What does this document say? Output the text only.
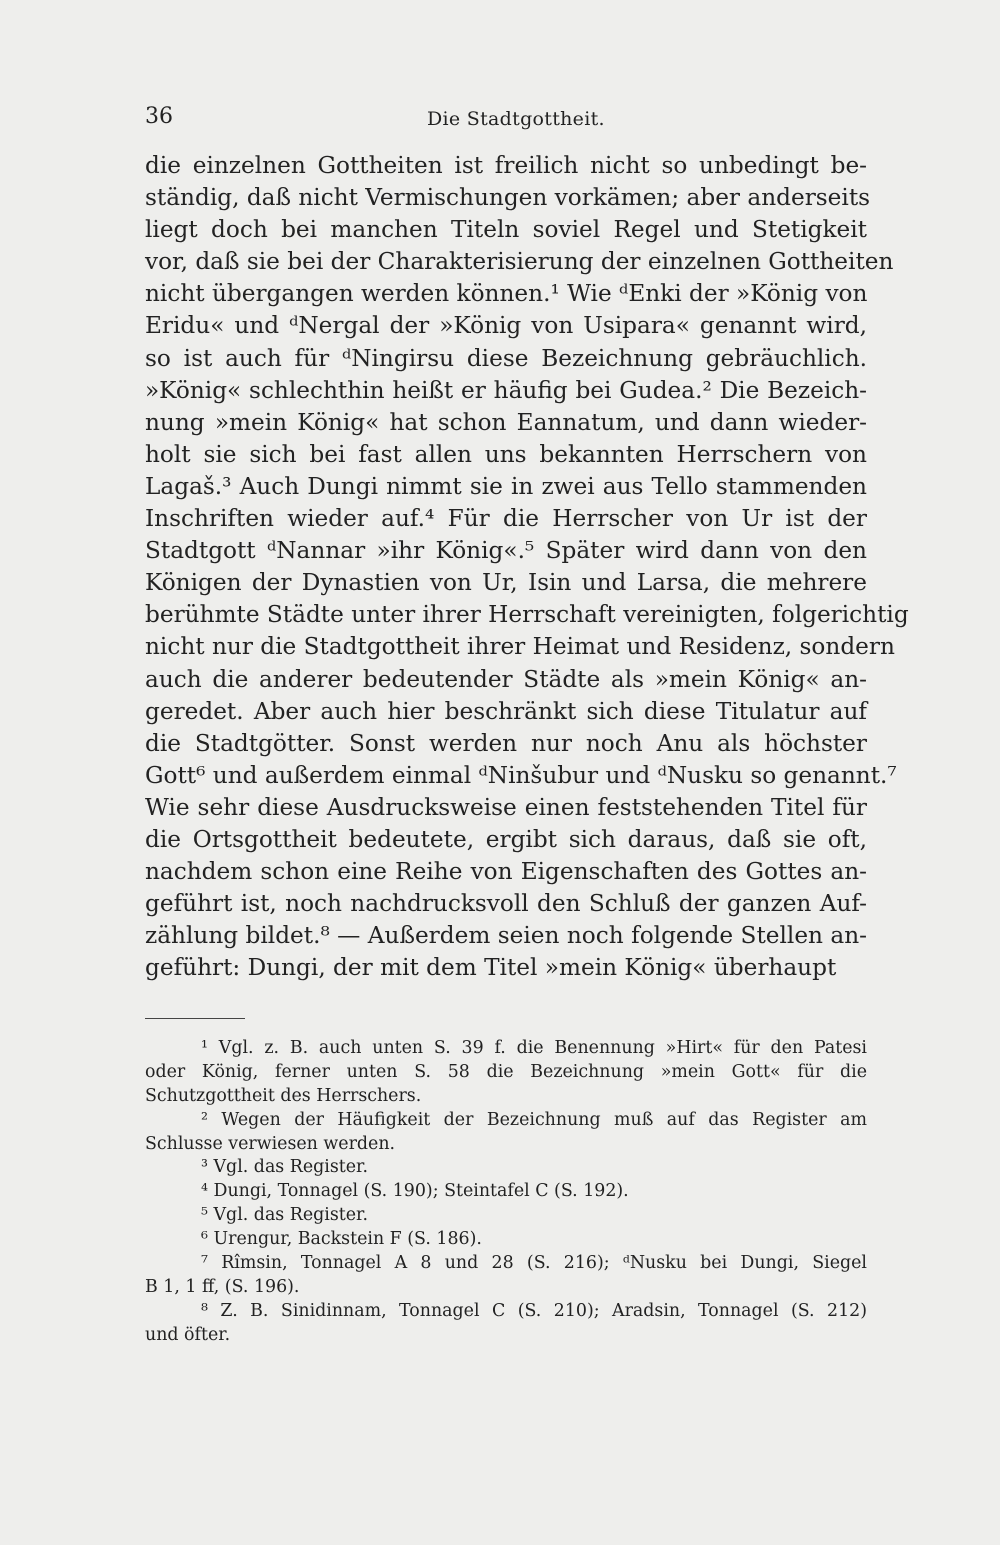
36	Die Stadtgottheit.
die einzelnen Gottheiten ist freilich nicht so unbedingt be-
ständig, daß nicht Vermischungen vorkämen; aber anderseits
liegt doch bei manchen Titeln soviel Regel und Stetigkeit
vor, daß sie bei der Charakterisierung der einzelnen Gottheiten
nicht übergangen werden können.¹ Wie ᵈEnki der »König von
Eridu« und ᵈNergal der »König von Usipara« genannt wird,
so ist auch für ᵈNingirsu diese Bezeichnung gebräuchlich.
»König« schlechthin heißt er häufig bei Gudea.² Die Bezeich-
nung »mein König« hat schon Eannatum, und dann wieder-
holt sie sich bei fast allen uns bekannten Herrschern von
Lagaš.³ Auch Dungi nimmt sie in zwei aus Tello stammenden
Inschriften wieder auf.⁴ Für die Herrscher von Ur ist der
Stadtgott ᵈNannar »ihr König«.⁵ Später wird dann von den
Königen der Dynastien von Ur, Isin und Larsa, die mehrere
berühmte Städte unter ihrer Herrschaft vereinigten, folgerichtig
nicht nur die Stadtgottheit ihrer Heimat und Residenz, sondern
auch die anderer bedeutender Städte als »mein König« an-
geredet. Aber auch hier beschränkt sich diese Titulatur auf
die Stadtgötter. Sonst werden nur noch Anu als höchster
Gott⁶ und außerdem einmal ᵈNinšubur und ᵈNusku so genannt.⁷
Wie sehr diese Ausdrucksweise einen feststehenden Titel für
die Ortsgottheit bedeutete, ergibt sich daraus, daß sie oft,
nachdem schon eine Reihe von Eigenschaften des Gottes an-
geführt ist, noch nachdrucksvoll den Schluß der ganzen Auf-
zählung bildet.⁸ — Außerdem seien noch folgende Stellen an-
geführt: Dungi, der mit dem Titel »mein König« überhaupt
¹ Vgl. z. B. auch unten S. 39 f. die Benennung »Hirt« für den Patesi
oder König, ferner unten S. 58 die Bezeichnung »mein Gott« für die
Schutzgottheit des Herrschers.
² Wegen der Häufigkeit der Bezeichnung muß auf das Register am
Schlusse verwiesen werden.
³ Vgl. das Register.
⁴ Dungi, Tonnagel (S. 190); Steintafel C (S. 192).
⁵ Vgl. das Register.
⁶ Urengur, Backstein F (S. 186).
⁷ Rîmsin, Tonnagel A 8 und 28 (S. 216); ᵈNusku bei Dungi, Siegel
B 1, 1 ff, (S. 196).
⁸ Z. B. Sinidinnam, Tonnagel C (S. 210); Aradsin, Tonnagel (S. 212)
und öfter.
